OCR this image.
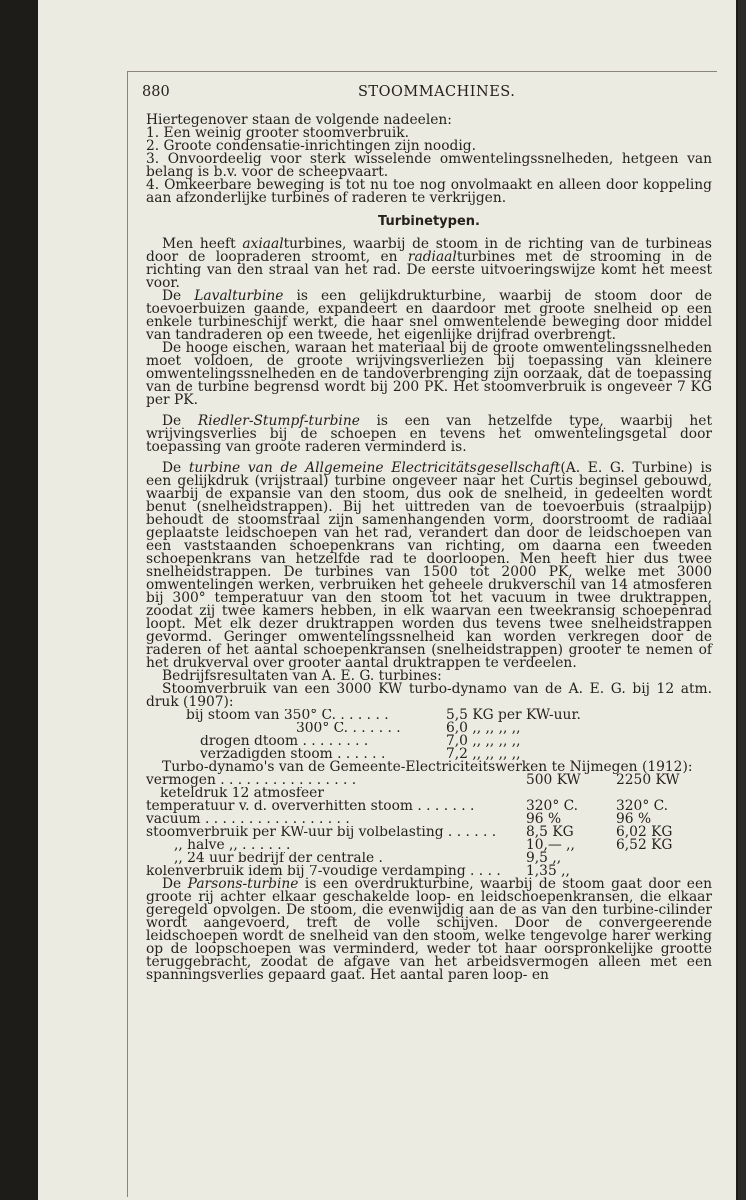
880	STOOMMACHINES.

Hiertegenover staan de volgende nadeelen:

1. Een weinig grooter stoomverbruik.

2. Groote condensatie-inrichtingen zijn noodig.

3. Onvoordeelig voor sterk wisselende omwentelingssnelheden, hetgeen van belang is b.v. voor de scheepvaart.

4. Omkeerbare beweging is tot nu toe nog onvolmaakt en alleen door koppeling aan afzonderlijke turbines of raderen te verkrijgen.

Turbinetypen.

Men heeft axiaalturbines, waarbij de stoom in de richting van de turbineas door de loopraderen stroomt, en radiaalturbines met de strooming in de richting van den straal van het rad. De eerste uitvoeringswijze komt het meest voor.

De Lavalturbine is een gelijkdrukturbine, waarbij de stoom door de toevoerbuizen gaande, expandeert en daardoor met groote snelheid op een enkele turbineschijf werkt, die haar snel omwentelende beweging door middel van tandraderen op een tweede, het eigenlijke drijfrad overbrengt.

De hooge eischen, waraan het materiaal bij de groote omwentelingssnelheden moet voldoen, de groote wrijvingsverliezen bij toepassing van kleinere omwentelingssnelheden en de tandoverbrenging zijn oorzaak, dat de toepassing van de turbine begrensd wordt bij 200 PK. Het stoomverbruik is ongeveer 7 KG per PK.

De Riedler-Stumpf-turbine is een van hetzelfde type, waarbij het wrijvingsverlies bij de schoepen en tevens het omwentelingsgetal door toepassing van groote raderen verminderd is.

De turbine van de Allgemeine Electricitätsgesellschaft(A. E. G. Turbine) is een gelijkdruk (vrijstraal) turbine ongeveer naar het Curtis beginsel gebouwd, waarbij de expansie van den stoom, dus ook de snelheid, in gedeelten wordt benut (snelheidstrappen). Bij het uittreden van de toevoerbuis (straalpijp) behoudt de stoomstraal zijn samenhangenden vorm, doorstroomt de radiaal geplaatste leidschoepen van het rad, verandert dan door de leidschoepen van een vaststaanden schoepenkrans van richting, om daarna een tweeden schoepenkrans van hetzelfde rad te doorloopen. Men heeft hier dus twee snelheidstrappen. De turbines van 1500 tot 2000 PK, welke met 3000 omwentelingen werken, verbruiken het geheele drukverschil van 14 atmosferen bij 300° temperatuur van den stoom tot het vacuum in twee druktrappen, zoodat zij twee kamers hebben, in elk waarvan een tweekransig schoepenrad loopt. Met elk dezer druktrappen worden dus tevens twee snelheidstrappen gevormd. Geringer omwentelingssnelheid kan worden verkregen door de raderen of het aantal schoepenkransen (snelheidstrappen) grooter te nemen of het drukverval over grooter aantal druktrappen te verdeelen.

Bedrijfsresultaten van A. E. G. turbines:

Stoomverbruik van een 3000 KW turbo-dynamo van de A. E. G. bij 12 atm. druk (1907):

bij stoom van 350° C. . . . . . .	5,5 KG per KW-uur.
300° C. . . . . . .	6,0 ,, ,, ,, ,,
drogen dtoom . . . . . . . .	7,0 ,, ,, ,, ,,
verzadigden stoom . . . . . .	7,2 ,, ,, ,, ,,

Turbo-dynamo's van de Gemeente-Electriciteitswerken te Nijmegen (1912):

vermogen . . . . . . . . . . . . . . . .	500 KW	2250 KW
keteldruk 12 atmosfeer
temperatuur v. d. oververhitten stoom . . . . . . .	320° C.	320° C.
vacuum . . . . . . . . . . . . . . . . .	96 %	96 %
stoomverbruik per KW-uur bij volbelasting . . . . . .	8,5 KG	6,02 KG
,, halve ,, . . . . . .	10,— ,,	6,52 KG
,, 24 uur bedrijf der centrale .	9,5 ,,
kolenverbruik idem bij 7-voudige verdamping . . . .	1,35 ,,

De Parsons-turbine is een overdrukturbine, waarbij de stoom gaat door een groote rij achter elkaar geschakelde loop- en leidschoepenkransen, die elkaar geregeld opvolgen. De stoom, die evenwijdig aan de as van den turbine-cilinder wordt aangevoerd, treft de volle schijven. Door de convergeerende leidschoepen wordt de snelheid van den stoom, welke tengevolge harer werking op de loopschoepen was verminderd, weder tot haar oorspronkelijke grootte teruggebracht, zoodat de afgave van het arbeidsvermogen alleen met een spanningsverlies gepaard gaat. Het aantal paren loop- en
